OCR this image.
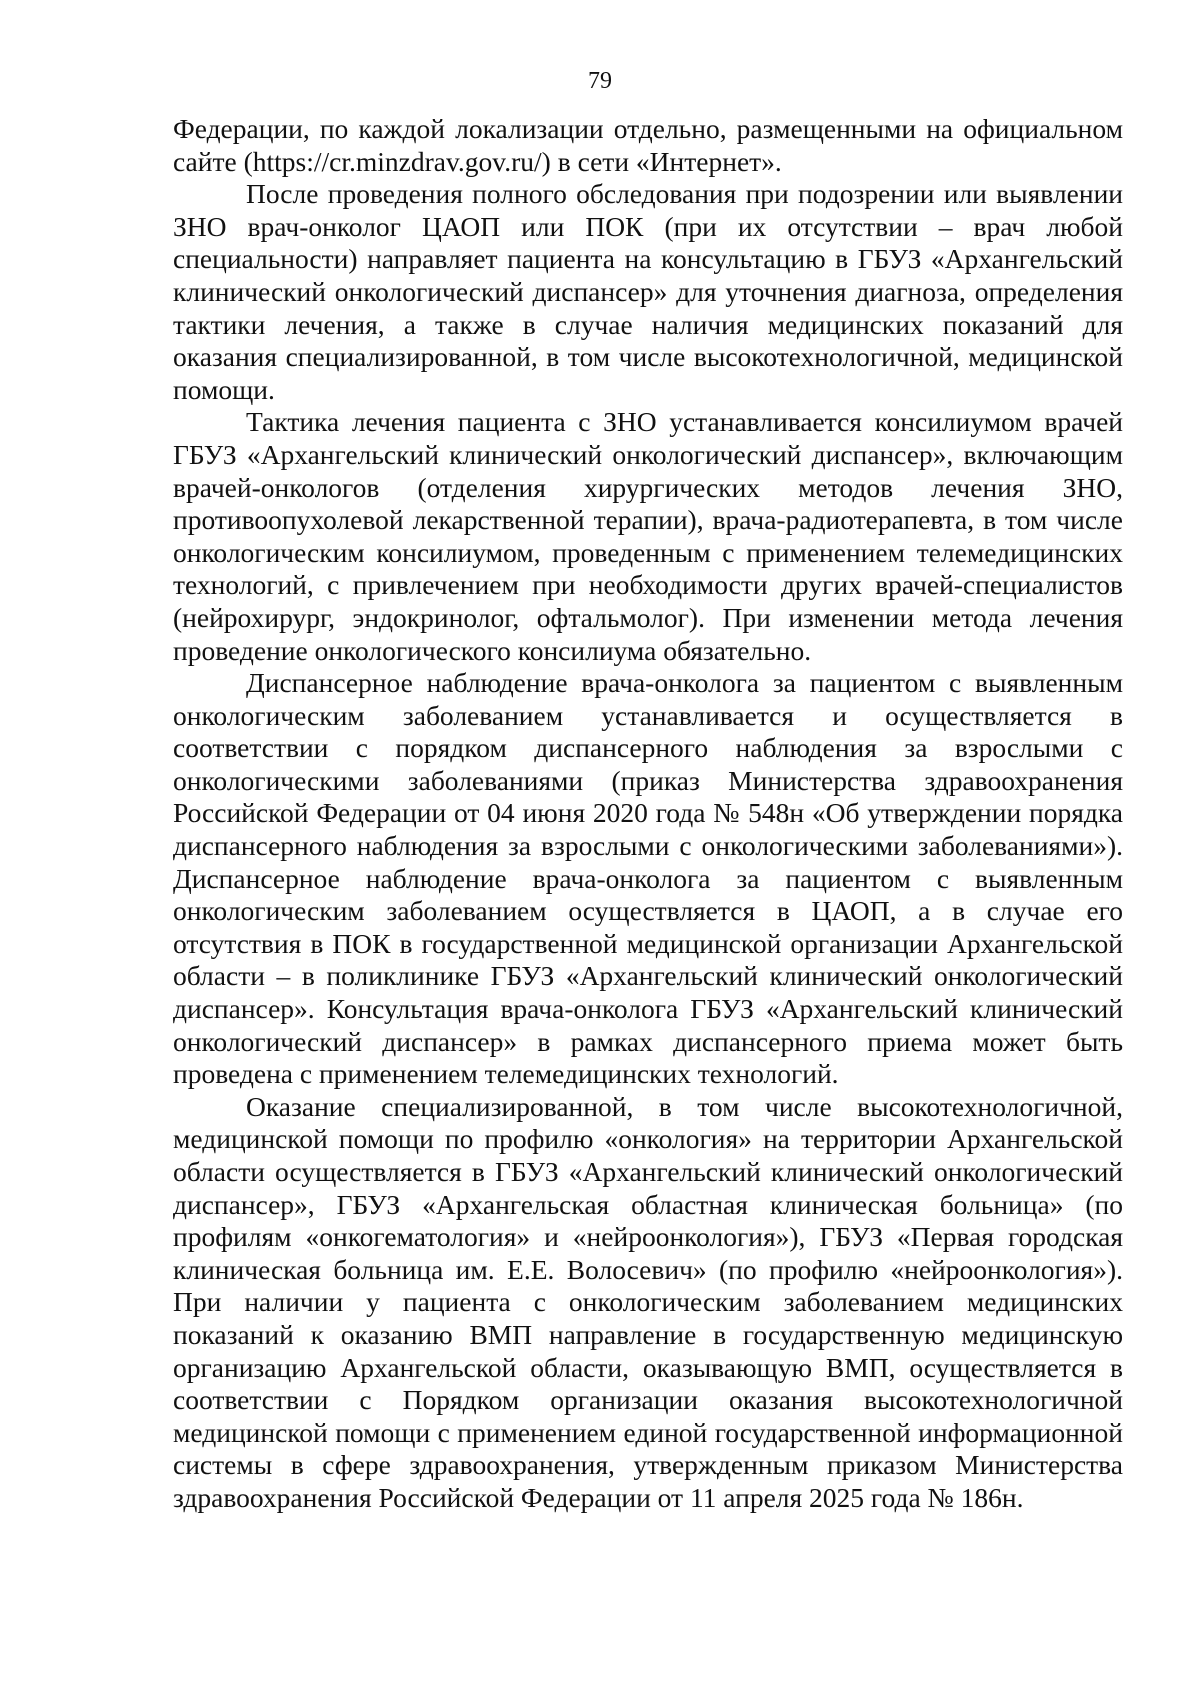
79

Федерации, по каждой локализации отдельно, размещенными на официальном сайте (https://cr.minzdrav.gov.ru/) в сети «Интернет».

После проведения полного обследования при подозрении или выявлении ЗНО врач-онколог ЦАОП или ПОК (при их отсутствии – врач любой специальности) направляет пациента на консультацию в ГБУЗ «Архангельский клинический онкологический диспансер» для уточнения диагноза, определения тактики лечения, а также в случае наличия медицинских показаний для оказания специализированной, в том числе высокотехнологичной, медицинской помощи.

Тактика лечения пациента с ЗНО устанавливается консилиумом врачей ГБУЗ «Архангельский клинический онкологический диспансер», включающим врачей-онкологов (отделения хирургических методов лечения ЗНО, противоопухолевой лекарственной терапии), врача-радиотерапевта, в том числе онкологическим консилиумом, проведенным с применением телемедицинских технологий, с привлечением при необходимости других врачей-специалистов (нейрохирург, эндокринолог, офтальмолог). При изменении метода лечения проведение онкологического консилиума обязательно.

Диспансерное наблюдение врача-онколога за пациентом с выявленным онкологическим заболеванием устанавливается и осуществляется в соответствии с порядком диспансерного наблюдения за взрослыми с онкологическими заболеваниями (приказ Министерства здравоохранения Российской Федерации от 04 июня 2020 года № 548н «Об утверждении порядка диспансерного наблюдения за взрослыми с онкологическими заболеваниями»). Диспансерное наблюдение врача-онколога за пациентом с выявленным онкологическим заболеванием осуществляется в ЦАОП, а в случае его отсутствия в ПОК в государственной медицинской организации Архангельской области – в поликлинике ГБУЗ «Архангельский клинический онкологический диспансер». Консультация врача-онколога ГБУЗ «Архангельский клинический онкологический диспансер» в рамках диспансерного приема может быть проведена с применением телемедицинских технологий.

Оказание специализированной, в том числе высокотехнологичной, медицинской помощи по профилю «онкология» на территории Архангельской области осуществляется в ГБУЗ «Архангельский клинический онкологический диспансер», ГБУЗ «Архангельская областная клиническая больница» (по профилям «онкогематология» и «нейроонкология»), ГБУЗ «Первая городская клиническая больница им. Е.Е. Волосевич» (по профилю «нейроонкология»). При наличии у пациента с онкологическим заболеванием медицинских показаний к оказанию ВМП направление в государственную медицинскую организацию Архангельской области, оказывающую ВМП, осуществляется в соответствии с Порядком организации оказания высокотехнологичной медицинской помощи с применением единой государственной информационной системы в сфере здравоохранения, утвержденным приказом Министерства здравоохранения Российской Федерации от 11 апреля 2025 года № 186н.
